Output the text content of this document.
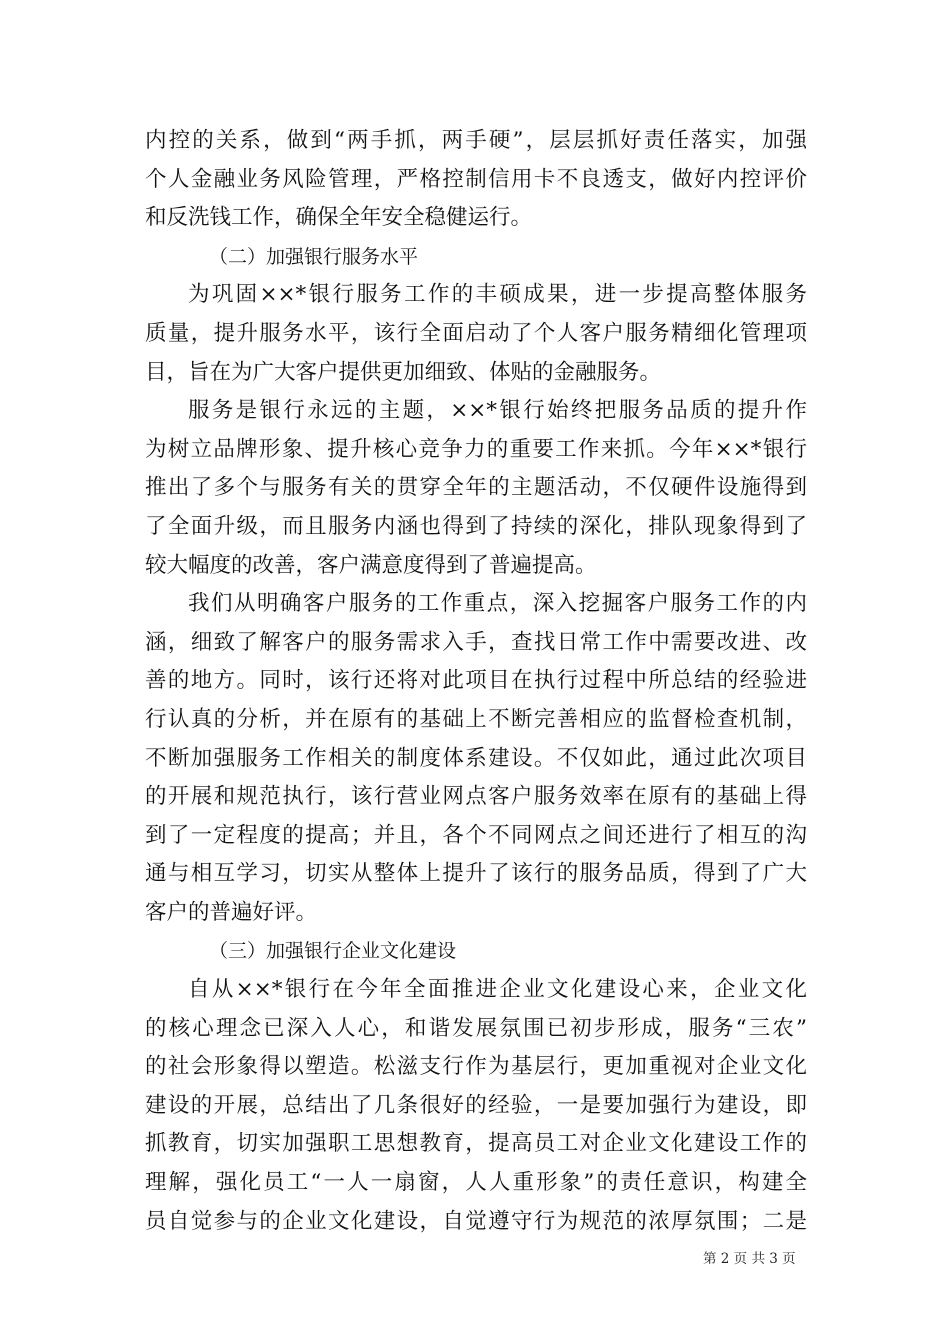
内控的关系，做到“两手抓，两手硬”，层层抓好责任落实，加强
个人金融业务风险管理，严格控制信用卡不良透支，做好内控评价
和反洗钱工作，确保全年安全稳健运行。
（二）加强银行服务水平
为巩固××*银行服务工作的丰硕成果，进一步提高整体服务
质量，提升服务水平，该行全面启动了个人客户服务精细化管理项
目，旨在为广大客户提供更加细致、体贴的金融服务。
服务是银行永远的主题，××*银行始终把服务品质的提升作
为树立品牌形象、提升核心竞争力的重要工作来抓。今年××*银行
推出了多个与服务有关的贯穿全年的主题活动，不仅硬件设施得到
了全面升级，而且服务内涵也得到了持续的深化，排队现象得到了
较大幅度的改善，客户满意度得到了普遍提高。
我们从明确客户服务的工作重点，深入挖掘客户服务工作的内
涵，细致了解客户的服务需求入手，查找日常工作中需要改进、改
善的地方。同时，该行还将对此项目在执行过程中所总结的经验进
行认真的分析，并在原有的基础上不断完善相应的监督检查机制，
不断加强服务工作相关的制度体系建设。不仅如此，通过此次项目
的开展和规范执行，该行营业网点客户服务效率在原有的基础上得
到了一定程度的提高；并且，各个不同网点之间还进行了相互的沟
通与相互学习，切实从整体上提升了该行的服务品质，得到了广大
客户的普遍好评。
（三）加强银行企业文化建设
自从××*银行在今年全面推进企业文化建设心来，企业文化
的核心理念已深入人心，和谐发展氛围已初步形成，服务“三农”
的社会形象得以塑造。松滋支行作为基层行，更加重视对企业文化
建设的开展，总结出了几条很好的经验，一是要加强行为建设，即
抓教育，切实加强职工思想教育，提高员工对企业文化建设工作的
理解，强化员工“一人一扇窗，人人重形象”的责任意识，构建全
员自觉参与的企业文化建设，自觉遵守行为规范的浓厚氛围；二是
第 2 页 共 3 页
